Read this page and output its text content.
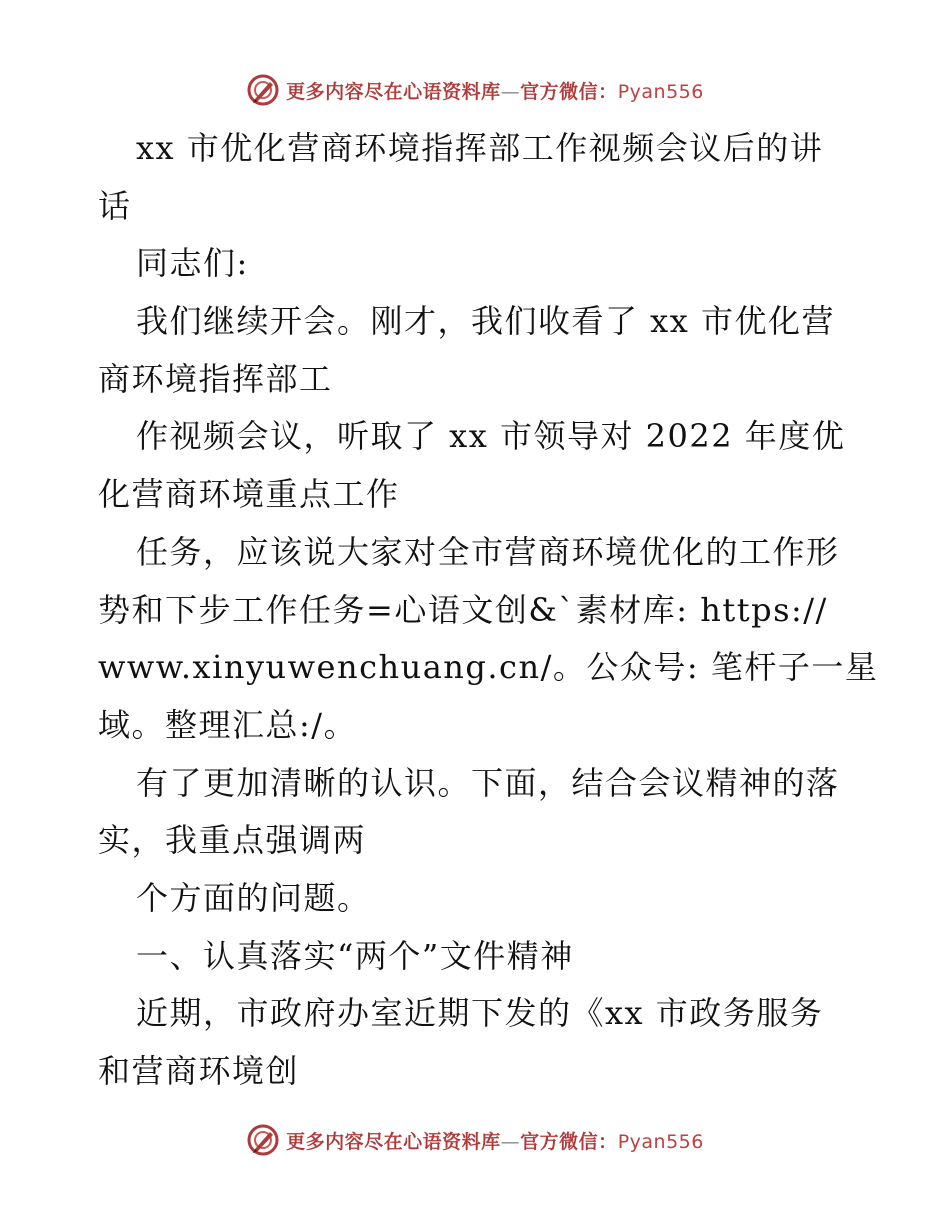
更多内容尽在心语资料库—官方微信：Pyan556
xx 市优化营商环境指挥部工作视频会议后的讲
话
同志们:
我们继续开会。刚才，我们收看了 xx 市优化营
商环境指挥部工
作视频会议，听取了 xx 市领导对 2022 年度优
化营商环境重点工作
任务，应该说大家对全市营商环境优化的工作形
势和下步工作任务=心语文创&`素材库: https://
www.xinyuwenchuang.cn/。公众号: 笔杆子一星
域。整理汇总:/。
有了更加清晰的认识。下面，结合会议精神的落
实，我重点强调两
个方面的问题。
一、认真落实“两个”文件精神
近期，市政府办室近期下发的《xx 市政务服务
和营商环境创
更多内容尽在心语资料库—官方微信：Pyan556
